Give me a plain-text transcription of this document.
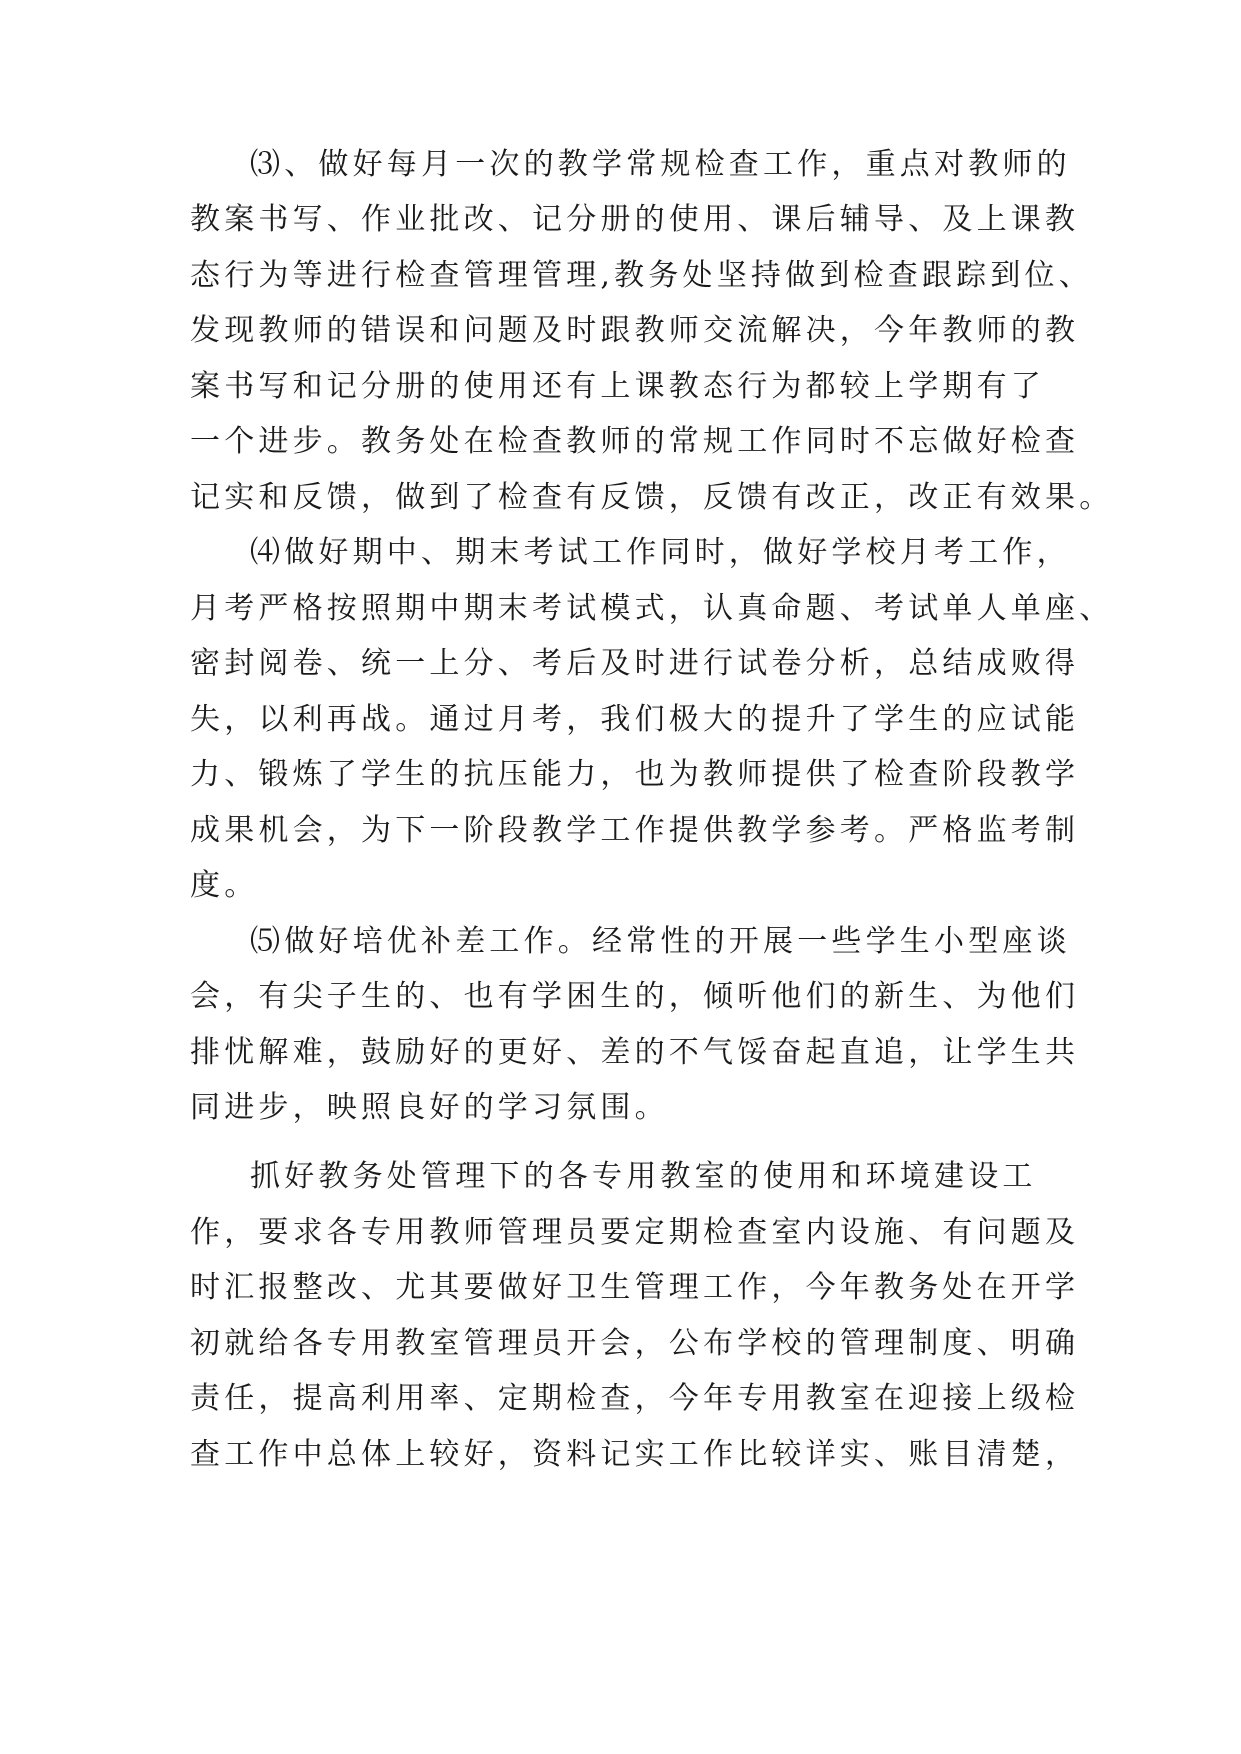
⑶、做好每月一次的教学常规检查工作，重点对教师的
教案书写、作业批改、记分册的使用、课后辅导、及上课教
态行为等进行检查管理管理,教务处坚持做到检查跟踪到位、
发现教师的错误和问题及时跟教师交流解决，今年教师的教
案书写和记分册的使用还有上课教态行为都较上学期有了
一个进步。教务处在检查教师的常规工作同时不忘做好检查
记实和反馈，做到了检查有反馈，反馈有改正，改正有效果。
⑷做好期中、期末考试工作同时，做好学校月考工作，
月考严格按照期中期末考试模式，认真命题、考试单人单座、
密封阅卷、统一上分、考后及时进行试卷分析，总结成败得
失，以利再战。通过月考，我们极大的提升了学生的应试能
力、锻炼了学生的抗压能力，也为教师提供了检查阶段教学
成果机会，为下一阶段教学工作提供教学参考。严格监考制
度。
⑸做好培优补差工作。经常性的开展一些学生小型座谈
会，有尖子生的、也有学困生的，倾听他们的新生、为他们
排忧解难，鼓励好的更好、差的不气馁奋起直追，让学生共
同进步，映照良好的学习氛围。
抓好教务处管理下的各专用教室的使用和环境建设工
作，要求各专用教师管理员要定期检查室内设施、有问题及
时汇报整改、尤其要做好卫生管理工作，今年教务处在开学
初就给各专用教室管理员开会，公布学校的管理制度、明确
责任，提高利用率、定期检查，今年专用教室在迎接上级检
查工作中总体上较好，资料记实工作比较详实、账目清楚，
